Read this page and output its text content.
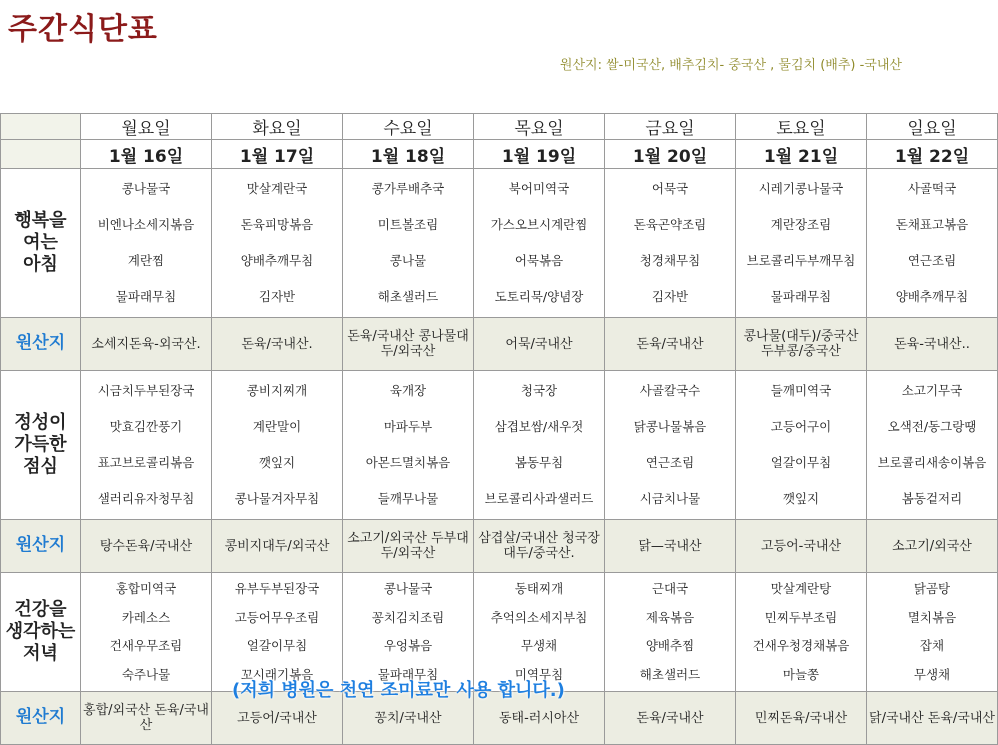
주간식단표
원산지: 쌀-미국산, 배추김치- 중국산 , 물김치 (배추) -국내산
	월요일	화요일	수요일	목요일	금요일	토요일	일요일
	1월 16일	1월 17일	1월 18일	1월 19일	1월 20일	1월 21일	1월 22일

행복을
여는
아침	콩나물국
비엔나소세지볶음
계란찜
물파래무침	맛살계란국
돈육피망볶음
양배추깨무침
김자반	콩가루배추국
미트볼조림
콩나물
해초샐러드	북어미역국
가스오브시계란찜
어묵볶음
도토리묵/양념장	어묵국
돈육곤약조림
청경채무침
김자반	시레기콩나물국
계란장조림
브로콜리두부깨무침
물파래무침	사골떡국
돈채표고볶음
연근조림
양배추깨무침

원산지	소세지돈육-외국산.	돈육/국내산.	돈육/국내산 콩나물대두/외국산	어묵/국내산	돈육/국내산	콩나물(대두)/중국산 두부콩/중국산	돈육-국내산..

정성이
가득한
점심	시금치두부된장국
맛효김깐풍기
표고브로콜리볶음
샐러리유자청무침	콩비지찌개
계란말이
깻잎지
콩나물겨자무침	육개장
마파두부
아몬드멸치볶음
들깨무나물	청국장
삼겹보쌈/새우젓
봄동무침
브로콜리사과샐러드	사골칼국수
닭콩나물볶음
연근조림
시금치나물	들깨미역국
고등어구이
얼갈이무침
깻잎지	소고기무국
오색전/동그랑땡
브로콜리새송이볶음
봄동겉저리

원산지	탕수돈육/국내산	콩비지대두/외국산	소고기/외국산 두부대두/외국산	삼겹살/국내산 청국장대두/중국산.	닭—국내산	고등어-국내산	소고기/외국산

건강을
생각하는
저녁	홍합미역국
카레소스
건새우무조림
숙주나물	유부두부된장국
고등어무우조림
얼갈이무침
꼬시래기볶음	콩나물국
꽁치김치조림
우엉볶음
물파래무침	동태찌개
추억의소세지부침
무생채
미역무침	근대국
제육볶음
양배추찜
해초샐러드	맛살계란탕
민찌두부조림
건새우청경채볶음
마늘쫑	닭곰탕
멸치볶음
잡채
무생채

원산지	홍합/외국산 돈육/국내산	고등어/국내산	꽁치/국내산	동태-러시아산	돈육/국내산	민찌돈육/국내산	닭/국내산 돈육/국내산
(저희 병원은 천연 조미료만 사용 합니다.)
